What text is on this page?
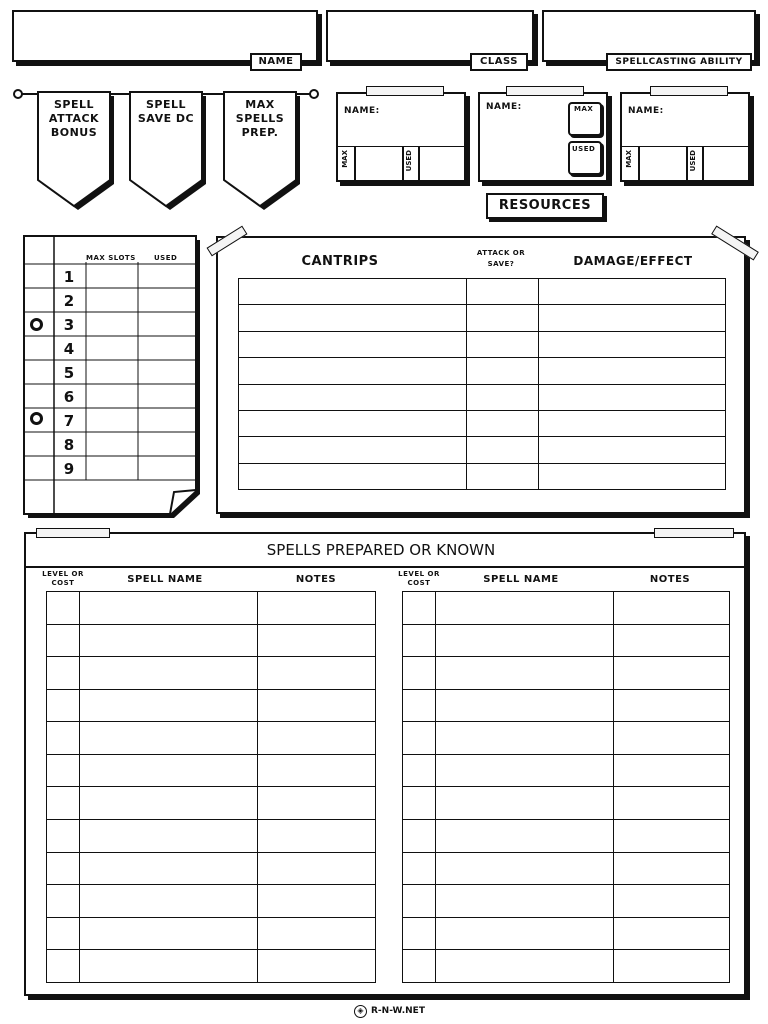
NAME	CLASS	SPELLCASTING ABILITY
SPELL ATTACK BONUS
SPELL SAVE DC
MAX SPELLS PREP.
NAME:
MAX	USED
NAME:	MAX
USED
NAME:
MAX	USED
RESOURCES
MAX SLOTS	USED
1
2
3
4
5
6
7
8
9
CANTRIPS
ATTACK OR SAVE?	DAMAGE/EFFECT

SPELLS PREPARED OR KNOWN
LEVEL OR COST	SPELL NAME	NOTES	LEVEL OR COST	SPELL NAME	NOTES

◈ R-N-W.NET
